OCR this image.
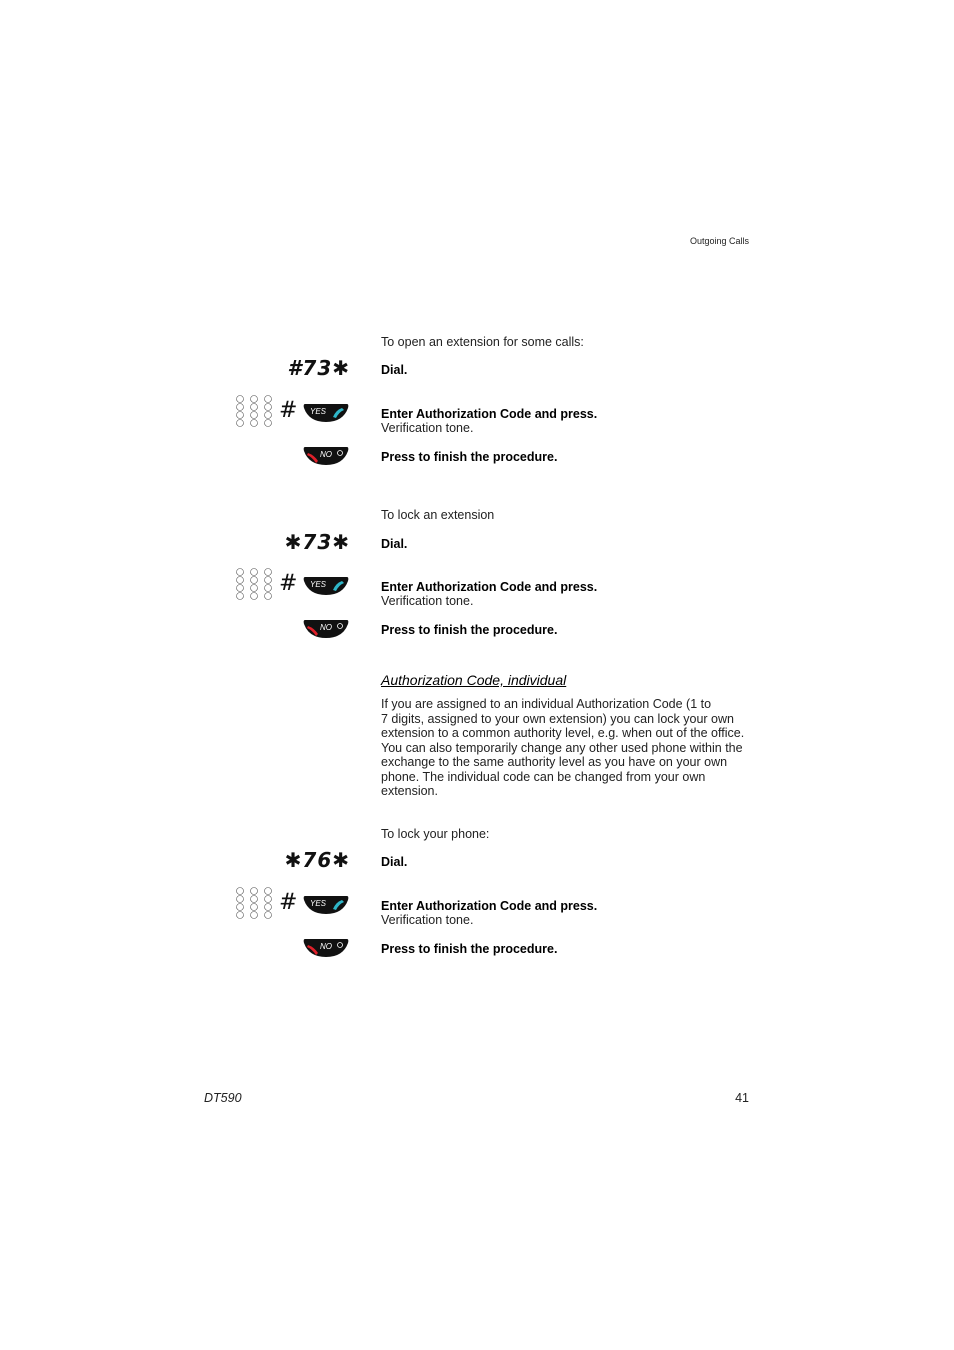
Outgoing Calls
To open an extension for some calls:
#73✱ Dial.
# YES	Enter Authorization Code and press.
Verification tone.
NO	Press to finish the procedure.
To lock an extension
✱73✱ Dial.
# YES	Enter Authorization Code and press.
Verification tone.
NO	Press to finish the procedure.
Authorization Code, individual
If you are assigned to an individual Authorization Code (1 to
7 digits, assigned to your own extension) you can lock your own
extension to a common authority level, e.g. when out of the office.
You can also temporarily change any other used phone within the
exchange to the same authority level as you have on your own
phone. The individual code can be changed from your own
extension.
To lock your phone:
✱76✱ Dial.
# YES	Enter Authorization Code and press.
Verification tone.
NO	Press to finish the procedure.
DT590	41
